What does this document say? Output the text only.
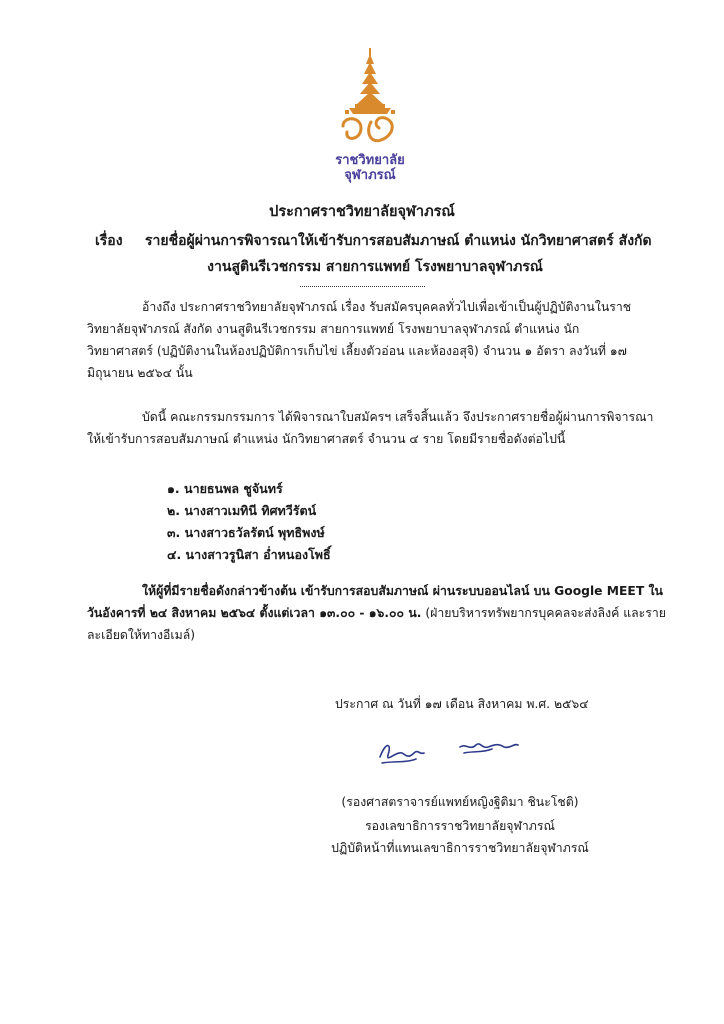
ราชวิทยาลัย
จุฬาภรณ์
ประกาศราชวิทยาลัยจุฬาภรณ์
เรื่อง	รายชื่อผู้ผ่านการพิจารณาให้เข้ารับการสอบสัมภาษณ์ ตำแหน่ง นักวิทยาศาสตร์ สังกัด
งานสูตินรีเวชกรรม สายการแพทย์ โรงพยาบาลจุฬาภรณ์
อ้างถึง ประกาศราชวิทยาลัยจุฬาภรณ์ เรื่อง รับสมัครบุคคลทั่วไปเพื่อเข้าเป็นผู้ปฏิบัติงานในราช
วิทยาลัยจุฬาภรณ์ สังกัด งานสูตินรีเวชกรรม สายการแพทย์ โรงพยาบาลจุฬาภรณ์ ตำแหน่ง นัก
วิทยาศาสตร์ (ปฏิบัติงานในห้องปฏิบัติการเก็บไข่ เลี้ยงตัวอ่อน และห้องอสุจิ) จำนวน ๑ อัตรา ลงวันที่ ๑๗
มิถุนายน ๒๕๖๔ นั้น
บัดนี้ คณะกรรมกรรมการ ได้พิจารณาใบสมัครฯ เสร็จสิ้นแล้ว จึงประกาศรายชื่อผู้ผ่านการพิจารณา
ให้เข้ารับการสอบสัมภาษณ์ ตำแหน่ง นักวิทยาศาสตร์ จำนวน ๔ ราย โดยมีรายชื่อดังต่อไปนี้
๑. นายธนพล ชูจันทร์
๒. นางสาวเมทินี ทิศทวีรัตน์
๓. นางสาวธวัลรัตน์ พุทธิพงษ์
๔. นางสาวรูนิสา อ่ำหนองโพธิ์
ให้ผู้ที่มีรายชื่อดังกล่าวข้างต้น เข้ารับการสอบสัมภาษณ์ ผ่านระบบออนไลน์ บน Google MEET ใน
วันอังคารที่ ๒๔ สิงหาคม ๒๕๖๔ ตั้งแต่เวลา ๑๓.๐๐ - ๑๖.๐๐ น. (ฝ่ายบริหารทรัพยากรบุคคลจะส่งลิงค์ และราย
ละเอียดให้ทางอีเมล์)
ประกาศ ณ วันที่ ๑๗ เดือน สิงหาคม พ.ศ. ๒๕๖๔
(รองศาสตราจารย์แพทย์หญิงฐิติมา ชินะโชติ)
รองเลขาธิการราชวิทยาลัยจุฬาภรณ์
ปฏิบัติหน้าที่แทนเลขาธิการราชวิทยาลัยจุฬาภรณ์
